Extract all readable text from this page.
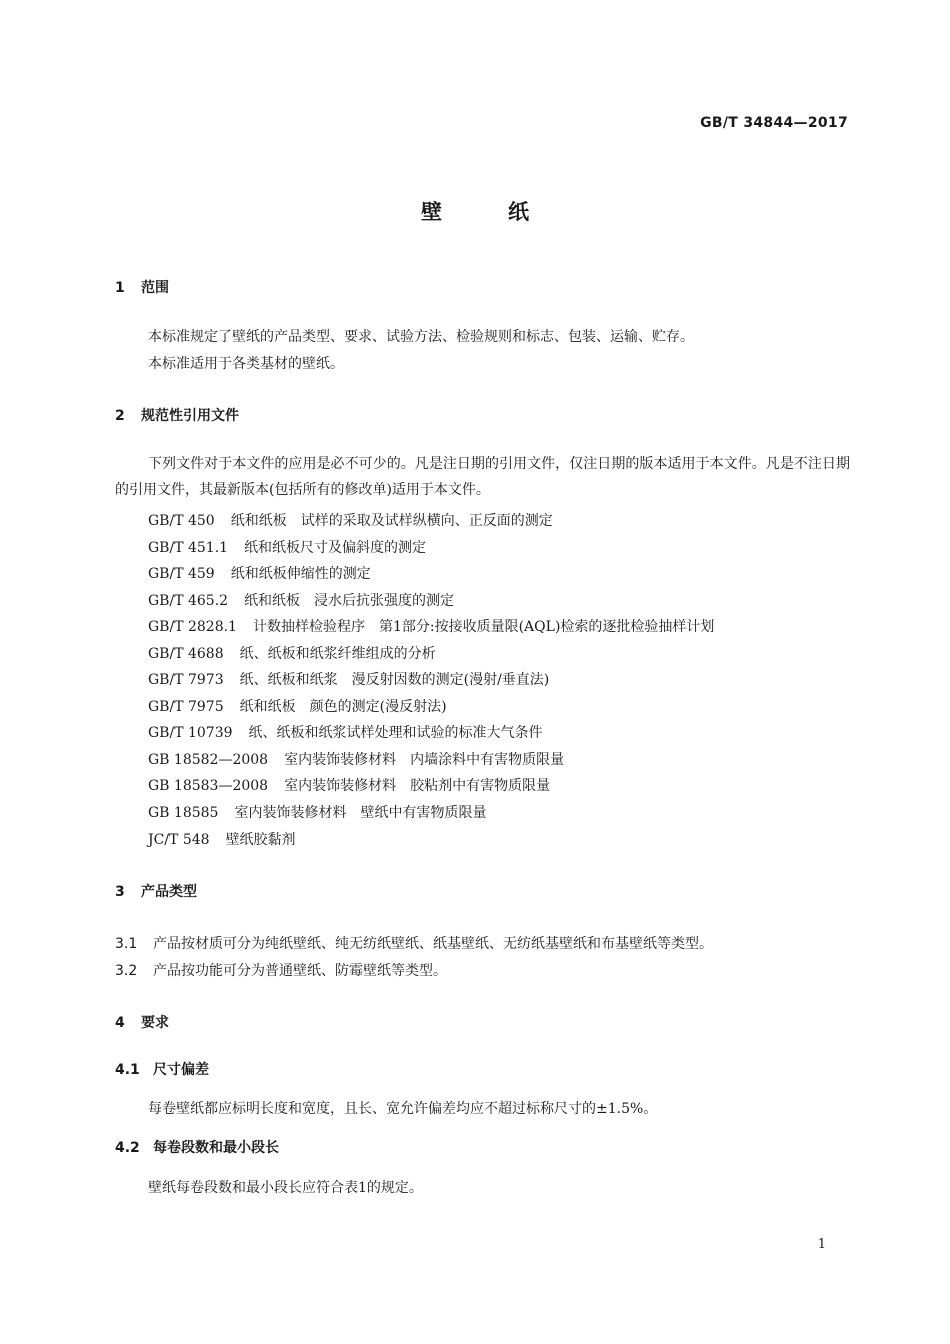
GB/T 34844—2017
壁	纸
1 范围
本标准规定了壁纸的产品类型、要求、试验方法、检验规则和标志、包装、运输、贮存。
本标准适用于各类基材的壁纸。
2 规范性引用文件
下列文件对于本文件的应用是必不可少的。凡是注日期的引用文件，仅注日期的版本适用于本文件。凡是不注日期的引用文件，其最新版本(包括所有的修改单)适用于本文件。
GB/T 450 纸和纸板　试样的采取及试样纵横向、正反面的测定
GB/T 451.1 纸和纸板尺寸及偏斜度的测定
GB/T 459 纸和纸板伸缩性的测定
GB/T 465.2 纸和纸板　浸水后抗张强度的测定
GB/T 2828.1 计数抽样检验程序　第1部分:按接收质量限(AQL)检索的逐批检验抽样计划
GB/T 4688 纸、纸板和纸浆纤维组成的分析
GB/T 7973 纸、纸板和纸浆　漫反射因数的测定(漫射/垂直法)
GB/T 7975 纸和纸板　颜色的测定(漫反射法)
GB/T 10739 纸、纸板和纸浆试样处理和试验的标准大气条件
GB 18582—2008 室内装饰装修材料　内墙涂料中有害物质限量
GB 18583—2008 室内装饰装修材料　胶粘剂中有害物质限量
GB 18585 室内装饰装修材料　壁纸中有害物质限量
JC/T 548 壁纸胶黏剂
3 产品类型
3.1 产品按材质可分为纯纸壁纸、纯无纺纸壁纸、纸基壁纸、无纺纸基壁纸和布基壁纸等类型。
3.2 产品按功能可分为普通壁纸、防霉壁纸等类型。
4 要求
4.1 尺寸偏差
每卷壁纸都应标明长度和宽度，且长、宽允许偏差均应不超过标称尺寸的±1.5%。
4.2 每卷段数和最小段长
壁纸每卷段数和最小段长应符合表1的规定。
1
